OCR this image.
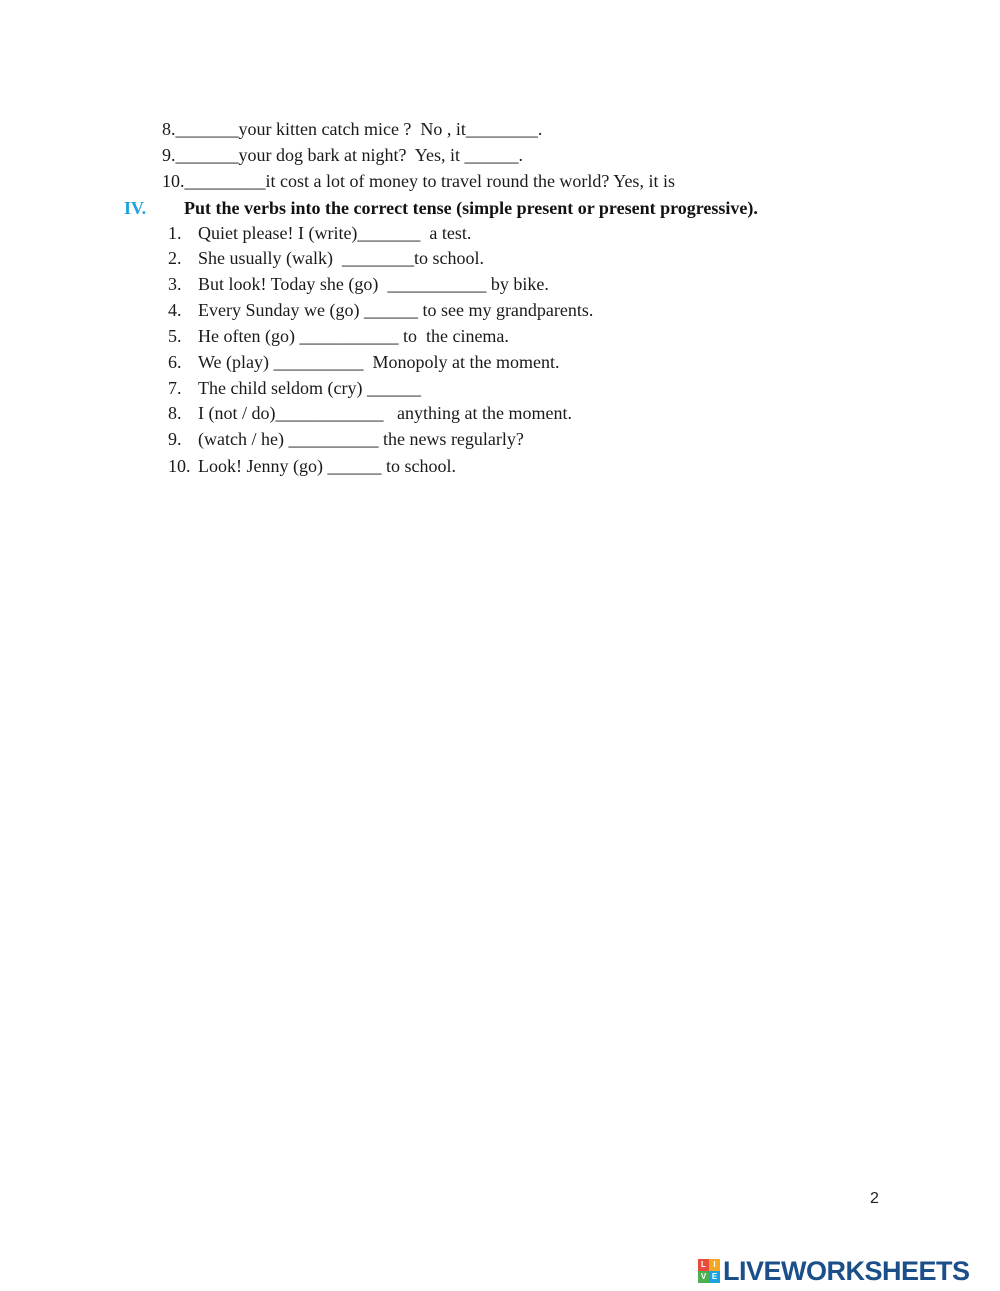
8._______your kitten catch mice ?  No , it________.
9._______your dog bark at night?  Yes, it ______.
10._________it cost a lot of money to travel round the world? Yes, it is

IV.

Put the verbs into the correct tense (simple present or present progressive).

1. Quiet please! I (write)_______  a test.
2. She usually (walk)  ________to school.
3. But look! Today she (go)  ___________ by bike.
4. Every Sunday we (go) ______ to see my grandparents.
5. He often (go) ___________ to  the cinema.
6. We (play) __________  Monopoly at the moment.
7. The child seldom (cry) ______
8. I (not / do)____________   anything at the moment.
9. (watch / he) __________ the news regularly?
10. Look! Jenny (go) ______ to school.
2
L I
V E LIVEWORKSHEETS
